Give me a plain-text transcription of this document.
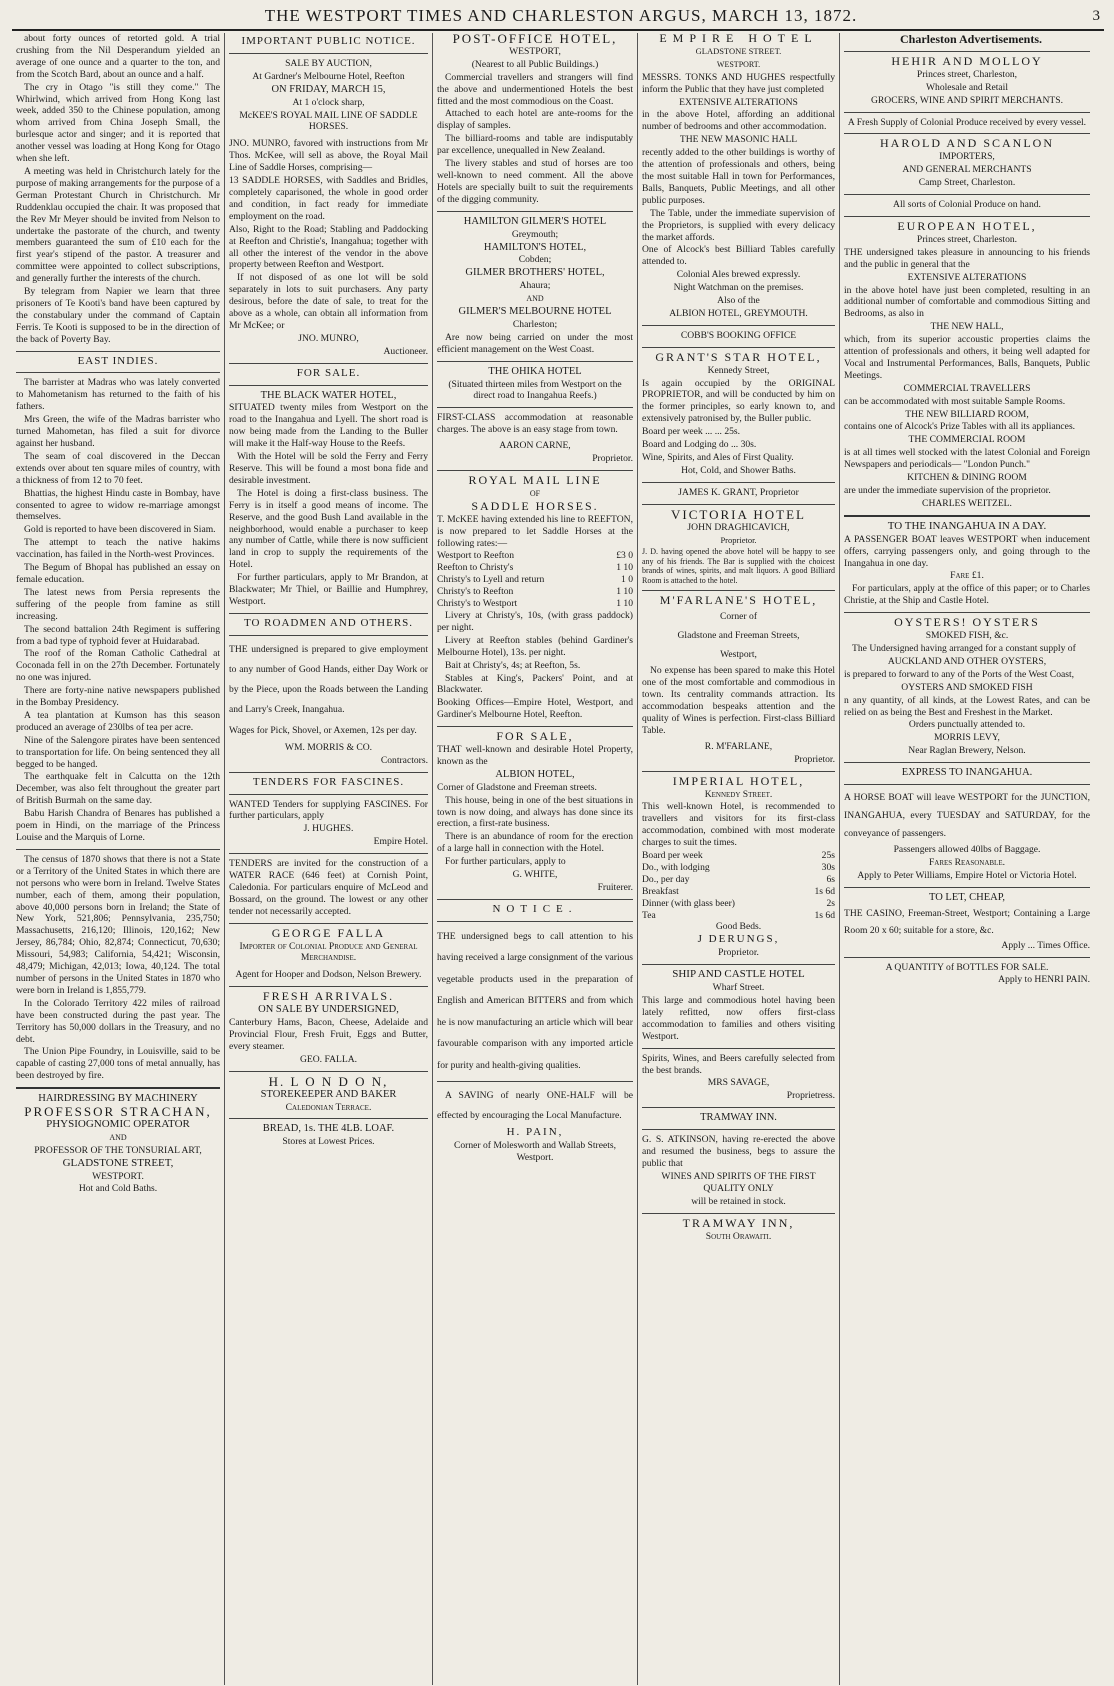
THE WESTPORT TIMES AND CHARLESTON ARGUS, MARCH 13, 1872.	3

about forty ounces of retorted gold. A trial crushing from the Nil Desperandum yielded an average of one ounce and a quarter to the ton, and from the Scotch Bard, about an ounce and a half.

The cry in Otago "is still they come." The Whirlwind, which arrived from Hong Kong last week, added 350 to the Chinese population, among whom arrived from China Joseph Small, the burlesque actor and singer; and it is reported that another vessel was loading at Hong Kong for Otago when she left.

A meeting was held in Christchurch lately for the purpose of making arrangements for the purpose of a German Protestant Church in Christchurch. Mr Ruddenklau occupied the chair. It was proposed that the Rev Mr Meyer should be invited from Nelson to undertake the pastorate of the church, and twenty members guaranteed the sum of £10 each for the first year's stipend of the pastor. A treasurer and committee were appointed to collect subscriptions, and generally further the interests of the church.

By telegram from Napier we learn that three prisoners of Te Kooti's band have been captured by the constabulary under the command of Captain Ferris. Te Kooti is supposed to be in the direction of the back of Poverty Bay.

EAST INDIES.

The barrister at Madras who was lately converted to Mahometanism has returned to the faith of his fathers.

Mrs Green, the wife of the Madras barrister who turned Mahometan, has filed a suit for divorce against her husband.

The seam of coal discovered in the Deccan extends over about ten square miles of country, with a thickness of from 12 to 70 feet.

Bhattias, the highest Hindu caste in Bombay, have consented to agree to widow re-marriage amongst themselves.

Gold is reported to have been discovered in Siam.

The attempt to teach the native hakims vaccination, has failed in the North-west Provinces.

The Begum of Bhopal has published an essay on female education.

The latest news from Persia represents the suffering of the people from famine as still increasing.

The second battalion 24th Regiment is suffering from a bad type of typhoid fever at Huidarabad.

The roof of the Roman Catholic Cathedral at Coconada fell in on the 27th December. Fortunately no one was injured.

There are forty-nine native newspapers published in the Bombay Presidency.

A tea plantation at Kumson has this season produced an average of 230lbs of tea per acre.

Nine of the Salengore pirates have been sentenced to transportation for life. On being sentenced they all begged to be hanged.

The earthquake felt in Calcutta on the 12th December, was also felt throughout the greater part of British Burmah on the same day.

Babu Harish Chandra of Benares has published a poem in Hindi, on the marriage of the Princess Louise and the Marquis of Lorne.

The census of 1870 shows that there is not a State or a Territory of the United States in which there are not persons who were born in Ireland. Twelve States number, each of them, among their population, above 40,000 persons born in Ireland; the State of New York, 521,806; Pennsylvania, 235,750; Massachusetts, 216,120; Illinois, 120,162; New Jersey, 86,784; Ohio, 82,874; Connecticut, 70,630; Missouri, 54,983; California, 54,421; Wisconsin, 48,479; Michigan, 42,013; Iowa, 40,124. The total number of persons in the United States in 1870 who were born in Ireland is 1,855,779.

In the Colorado Territory 422 miles of railroad have been constructed during the past year. The Territory has 50,000 dollars in the Treasury, and no debt.

The Union Pipe Foundry, in Louisville, said to be capable of casting 27,000 tons of metal annually, has been destroyed by fire.

HAIRDRESSING BY MACHINERY

PROFESSOR STRACHAN,

PHYSIOGNOMIC OPERATOR

AND

PROFESSOR OF THE TONSURIAL ART,

GLADSTONE STREET,

WESTPORT.

Hot and Cold Baths.

IMPORTANT PUBLIC NOTICE.

SALE BY AUCTION,

At Gardner's Melbourne Hotel, Reefton

ON FRIDAY, MARCH 15,

At 1 o'clock sharp,

McKEE'S ROYAL MAIL LINE OF SADDLE HORSES.

JNO. MUNRO, favored with instructions from Mr Thos. McKee, will sell as above, the Royal Mail Line of Saddle Horses, comprising—

13 SADDLE HORSES, with Saddles and Bridles, completely caparisoned, the whole in good order and condition, in fact ready for immediate employment on the road.

Also, Right to the Road; Stabling and Paddocking at Reefton and Christie's, Inangahua; together with all other the interest of the vendor in the above property between Reefton and Westport.

If not disposed of as one lot will be sold separately in lots to suit purchasers. Any party desirous, before the date of sale, to treat for the above as a whole, can obtain all information from Mr McKee; or

JNO. MUNRO,

Auctioneer.

FOR SALE.

THE BLACK WATER HOTEL,

SITUATED twenty miles from Westport on the road to the Inangahua and Lyell. The short road is now being made from the Landing to the Buller will make it the Half-way House to the Reefs.

With the Hotel will be sold the Ferry and Ferry Reserve. This will be found a most bona fide and desirable investment.

The Hotel is doing a first-class business. The Ferry is in itself a good means of income. The Reserve, and the good Bush Land available in the neighborhood, would enable a purchaser to keep any number of Cattle, while there is now sufficient land in crop to supply the requirements of the Hotel.

For further particulars, apply to Mr Brandon, at Blackwater; Mr Thiel, or Baillie and Humphrey, Westport.

TO ROADMEN AND OTHERS.

THE undersigned is prepared to give employment to any number of Good Hands, either Day Work or by the Piece, upon the Roads between the Landing and Larry's Creek, Inangahua.

Wages for Pick, Shovel, or Axemen, 12s per day.

WM. MORRIS & CO.

Contractors.

TENDERS FOR FASCINES.

WANTED Tenders for supplying FASCINES. For further particulars, apply

J. HUGHES.

Empire Hotel.

TENDERS are invited for the construction of a WATER RACE (646 feet) at Cornish Point, Caledonia. For particulars enquire of McLeod and Bossard, on the ground. The lowest or any other tender not necessarily accepted.

GEORGE FALLA

Importer of Colonial Produce and General Merchandise.

Agent for Hooper and Dodson, Nelson Brewery.

FRESH ARRIVALS.

ON SALE BY UNDERSIGNED,

Canterbury Hams, Bacon, Cheese, Adelaide and Provincial Flour, Fresh Fruit, Eggs and Butter, every steamer.

GEO. FALLA.

H. L O N D O N,

STOREKEEPER AND BAKER

Caledonian Terrace.

BREAD, 1s. THE 4LB. LOAF.

Stores at Lowest Prices.

POST-OFFICE HOTEL,

WESTPORT,

(Nearest to all Public Buildings.)

Commercial travellers and strangers will find the above and undermentioned Hotels the best fitted and the most commodious on the Coast.

Attached to each hotel are ante-rooms for the display of samples.

The billiard-rooms and table are indisputably par excellence, unequalled in New Zealand.

The livery stables and stud of horses are too well-known to need comment. All the above Hotels are specially built to suit the requirements of the digging community.

HAMILTON GILMER'S HOTEL

Greymouth;

HAMILTON'S HOTEL,

Cobden;

GILMER BROTHERS' HOTEL,

Ahaura;

AND

GILMER'S MELBOURNE HOTEL

Charleston;

Are now being carried on under the most efficient management on the West Coast.

THE OHIKA HOTEL

(Situated thirteen miles from Westport on the direct road to Inangahua Reefs.)

FIRST-CLASS accommodation at reasonable charges. The above is an easy stage from town.

AARON CARNE,

Proprietor.

ROYAL MAIL LINE

OF

SADDLE HORSES.

T. McKEE having extended his line to REEFTON, is now prepared to let Saddle Horses at the following rates:—

Westport to Reefton	£3 0
Reefton to Christy's	1 10
Christy's to Lyell and return	1 0
Christy's to Reefton	1 10
Christy's to Westport	1 10

Livery at Christy's, 10s, (with grass paddock) per night.

Livery at Reefton stables (behind Gardiner's Melbourne Hotel), 13s. per night.

Bait at Christy's, 4s; at Reefton, 5s.

Stables at King's, Packers' Point, and at Blackwater.

Booking Offices—Empire Hotel, Westport, and Gardiner's Melbourne Hotel, Reefton.

FOR SALE,

THAT well-known and desirable Hotel Property, known as the

ALBION HOTEL,

Corner of Gladstone and Freeman streets.

This house, being in one of the best situations in town is now doing, and always has done since its erection, a first-rate business.

There is an abundance of room for the erection of a large hall in connection with the Hotel.

For further particulars, apply to

G. WHITE,

Fruiterer.

NOTICE.

THE undersigned begs to call attention to his having received a large consignment of the various vegetable products used in the preparation of English and American BITTERS and from which he is now manufacturing an article which will bear favourable comparison with any imported article for purity and health-giving qualities.

A SAVING of nearly ONE-HALF will be effected by encouraging the Local Manufacture.

H. PAIN,

Corner of Molesworth and Wallab Streets, Westport.

EMPIRE HOTEL

GLADSTONE STREET.

WESTPORT.

MESSRS. TONKS AND HUGHES respectfully inform the Public that they have just completed

EXTENSIVE ALTERATIONS

in the above Hotel, affording an additional number of bedrooms and other accommodation.

THE NEW MASONIC HALL

recently added to the other buildings is worthy of the attention of professionals and others, being the most suitable Hall in town for Performances, Balls, Banquets, Public Meetings, and all other public purposes.

The Table, under the immediate supervision of the Proprietors, is supplied with every delicacy the market affords.

One of Alcock's best Billiard Tables carefully attended to.

Colonial Ales brewed expressly.

Night Watchman on the premises.

Also of the

ALBION HOTEL, GREYMOUTH.

COBB'S BOOKING OFFICE

GRANT'S STAR HOTEL,

Kennedy Street,

Is again occupied by the ORIGINAL PROPRIETOR, and will be conducted by him on the former principles, so early known to, and extensively patronised by, the Buller public.

Board per week ... ... 25s.

Board and Lodging do ... 30s.

Wine, Spirits, and Ales of First Quality.

Hot, Cold, and Shower Baths.

JAMES K. GRANT, Proprietor

VICTORIA HOTEL

JOHN DRAGHICAVICH,

Proprietor.

J. D. having opened the above hotel will be happy to see any of his friends. The Bar is supplied with the choicest brands of wines, spirits, and malt liquors. A good Billiard Room is attached to the hotel.

M'FARLANE'S HOTEL,

Corner of

Gladstone and Freeman Streets,

Westport,

No expense has been spared to make this Hotel one of the most comfortable and commodious in town. Its centrality commands attraction. Its accommodation bespeaks attention and the quality of Wines is perfection. First-class Billiard Table.

R. M'FARLANE,

Proprietor.

IMPERIAL HOTEL,

Kennedy Street.

This well-known Hotel, is recommended to travellers and visitors for its first-class accommodation, combined with most moderate charges to suit the times.

Board per week	25s
Do., with lodging	30s
Do., per day	6s
Breakfast	1s 6d
Dinner (with glass beer)	2s
Tea	1s 6d

Good Beds.

J DERUNGS,

Proprietor.

SHIP AND CASTLE HOTEL

Wharf Street.

This large and commodious hotel having been lately refitted, now offers first-class accommodation to families and others visiting Westport.

Spirits, Wines, and Beers carefully selected from the best brands.

MRS SAVAGE,

Proprietress.

TRAMWAY INN.

G. S. ATKINSON, having re-erected the above and resumed the business, begs to assure the public that

WINES AND SPIRITS OF THE FIRST QUALITY ONLY

will be retained in stock.

TRAMWAY INN,

South Orawaiti.

Charleston Advertisements.

HEHIR AND MOLLOY

Princes street, Charleston,

Wholesale and Retail

GROCERS, WINE AND SPIRIT MERCHANTS.

A Fresh Supply of Colonial Produce received by every vessel.

HAROLD AND SCANLON

IMPORTERS,

AND GENERAL MERCHANTS

Camp Street, Charleston.

All sorts of Colonial Produce on hand.

EUROPEAN HOTEL,

Princes street, Charleston.

THE undersigned takes pleasure in announcing to his friends and the public in general that the

EXTENSIVE ALTERATIONS

in the above hotel have just been completed, resulting in an additional number of comfortable and commodious Sitting and Bedrooms, as also in

THE NEW HALL,

which, from its superior accoustic properties claims the attention of professionals and others, it being well adapted for Vocal and Instrumental Performances, Balls, Banquets, Public Meetings.

COMMERCIAL TRAVELLERS

can be accommodated with most suitable Sample Rooms.

THE NEW BILLIARD ROOM,

contains one of Alcock's Prize Tables with all its appliances.

THE COMMERCIAL ROOM

is at all times well stocked with the latest Colonial and Foreign Newspapers and periodicals— "London Punch."

KITCHEN & DINING ROOM

are under the immediate supervision of the proprietor.

CHARLES WEITZEL.

TO THE INANGAHUA IN A DAY.

A PASSENGER BOAT leaves WESTPORT when inducement offers, carrying passengers only, and going through to the Inangahua in one day.

Fare £1.

For particulars, apply at the office of this paper; or to Charles Christie, at the Ship and Castle Hotel.

OYSTERS! OYSTERS

SMOKED FISH, &c.

The Undersigned having arranged for a constant supply of

AUCKLAND AND OTHER OYSTERS,

is prepared to forward to any of the Ports of the West Coast,

OYSTERS AND SMOKED FISH

n any quantity, of all kinds, at the Lowest Rates, and can be relied on as being the Best and Freshest in the Market.

Orders punctually attended to.

MORRIS LEVY,

Near Raglan Brewery, Nelson.

EXPRESS TO INANGAHUA.

A HORSE BOAT will leave WESTPORT for the JUNCTION, INANGAHUA, every TUESDAY and SATURDAY, for the conveyance of passengers.

Passengers allowed 40lbs of Baggage.

Fares Reasonable.

Apply to Peter Williams, Empire Hotel or Victoria Hotel.

TO LET, CHEAP,

THE CASINO, Freeman-Street, Westport; Containing a Large Room 20 x 60; suitable for a store, &c.

Apply ... Times Office.

A QUANTITY of BOTTLES FOR SALE.

Apply to HENRI PAIN.
